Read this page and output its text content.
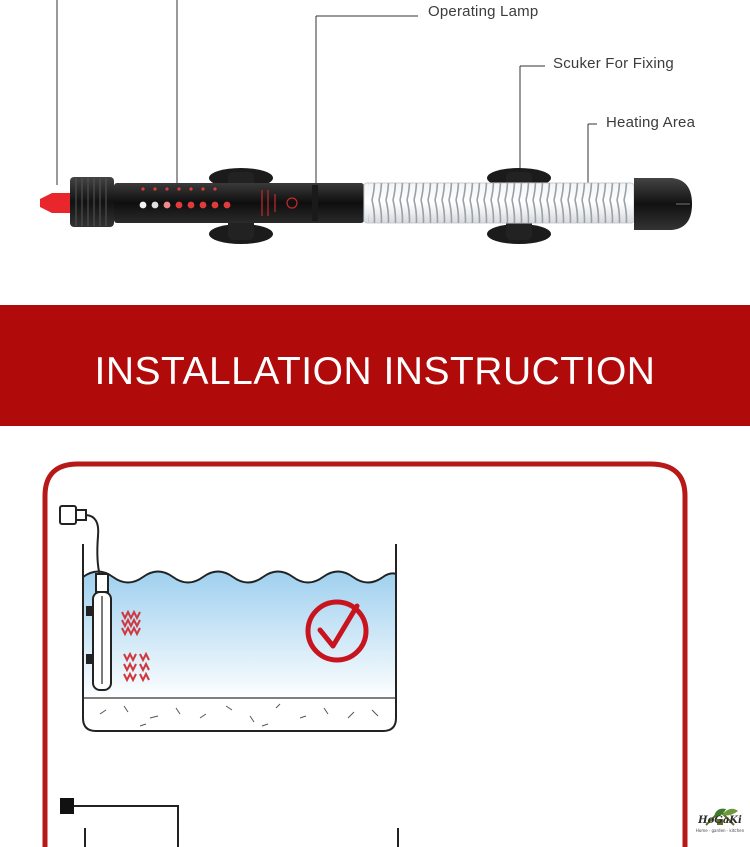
Operating Lamp
Scuker For Fixing
Heating Area
INSTALLATION INSTRUCTION
HoGaKi
Home · garden · kitchen
